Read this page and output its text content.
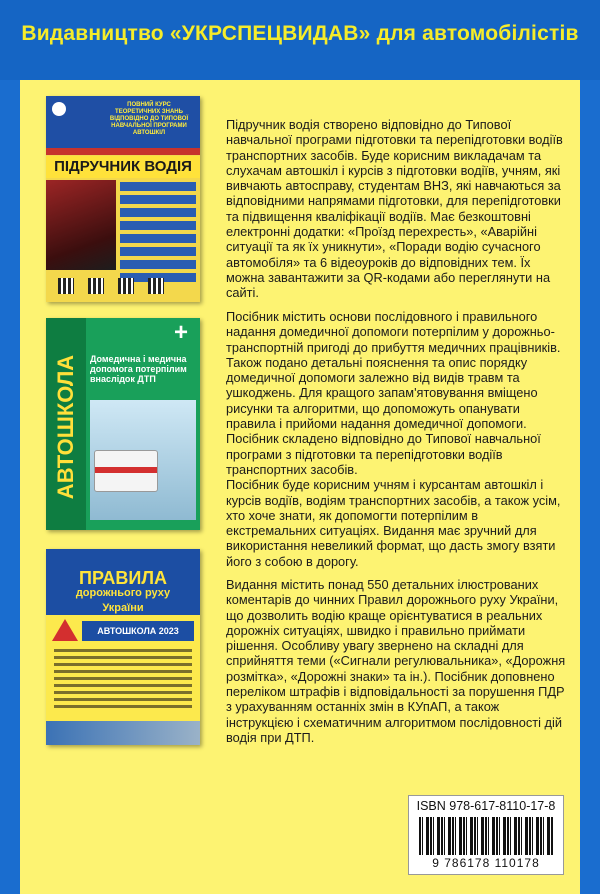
Видавництво «УКРСПЕЦВИДАВ» для автомобілістів
ПОВНИЙ КУРС ТЕОРЕТИЧНИХ ЗНАНЬ ВІДПОВІДНО ДО ТИПОВОЇ НАВЧАЛЬНОЇ ПРОГРАМИ АВТОШКІЛ
ПІДРУЧНИК ВОДІЯ
АВТОШКОЛА
+
Домедична і медична допомога потерпілим внаслідок ДТП
ПРАВИЛА
дорожнього руху
України
АВТОШКОЛА 2023

Підручник водія створено відповідно до Типової навчальної програми підготовки та перепідготовки водіїв транспортних засобів. Буде корисним викладачам та слухачам автошкіл і курсів з підготовки водіїв, учням, які вивчають автосправу, студентам ВНЗ, які навчаються за відповідними напрямами підготовки, для перепідготовки та підвищення кваліфікації водіїв. Має безкоштовні електронні додатки: «Проїзд перехресть», «Аварійні ситуації та як їх уникнути», «Поради водію сучасного автомобіля» та 6 відеоуроків до відповідних тем. Їх можна завантажити за QR-кодами або переглянути на сайті.

Посібник містить основи послідовного і правильного надання домедичної допомоги потерпілим у дорожньо-транспортній пригоді до прибуття медичних працівників. Також подано детальні пояснення та опис порядку домедичної допомоги залежно від видів травм та ушкоджень. Для кращого запам'ятовування вміщено рисунки та алгоритми, що допоможуть опанувати правила і прийоми надання домедичної допомоги.

Посібник складено відповідно до Типової навчальної програми з підготовки та перепідготовки водіїв транспортних засобів.

Посібник буде корисним учням і курсантам автошкіл і курсів водіїв, водіям транспортних засобів, а також усім, хто хоче знати, як допомогти потерпілим в екстремальних ситуаціях. Видання має зручний для використання невеликий формат, що дасть змогу взяти його з собою в дорогу.

Видання містить понад 550 детальних ілюстрованих коментарів до чинних Правил дорожнього руху України, що дозволить водію краще орієнтуватися в реальних дорожніх ситуаціях, швидко і правильно приймати рішення. Особливу увагу звернено на складні для сприйняття теми («Сигнали регулювальника», «Дорожня розмітка», «Дорожні знаки» та ін.). Посібник доповнено переліком штрафів і відповідальності за порушення ПДР з урахуванням останніх змін в КУпАП, а також інструкцією і схематичним алгоритмом послідовності дій водія при ДТП.

ISBN 978-617-8110-17-8
9 786178 110178
